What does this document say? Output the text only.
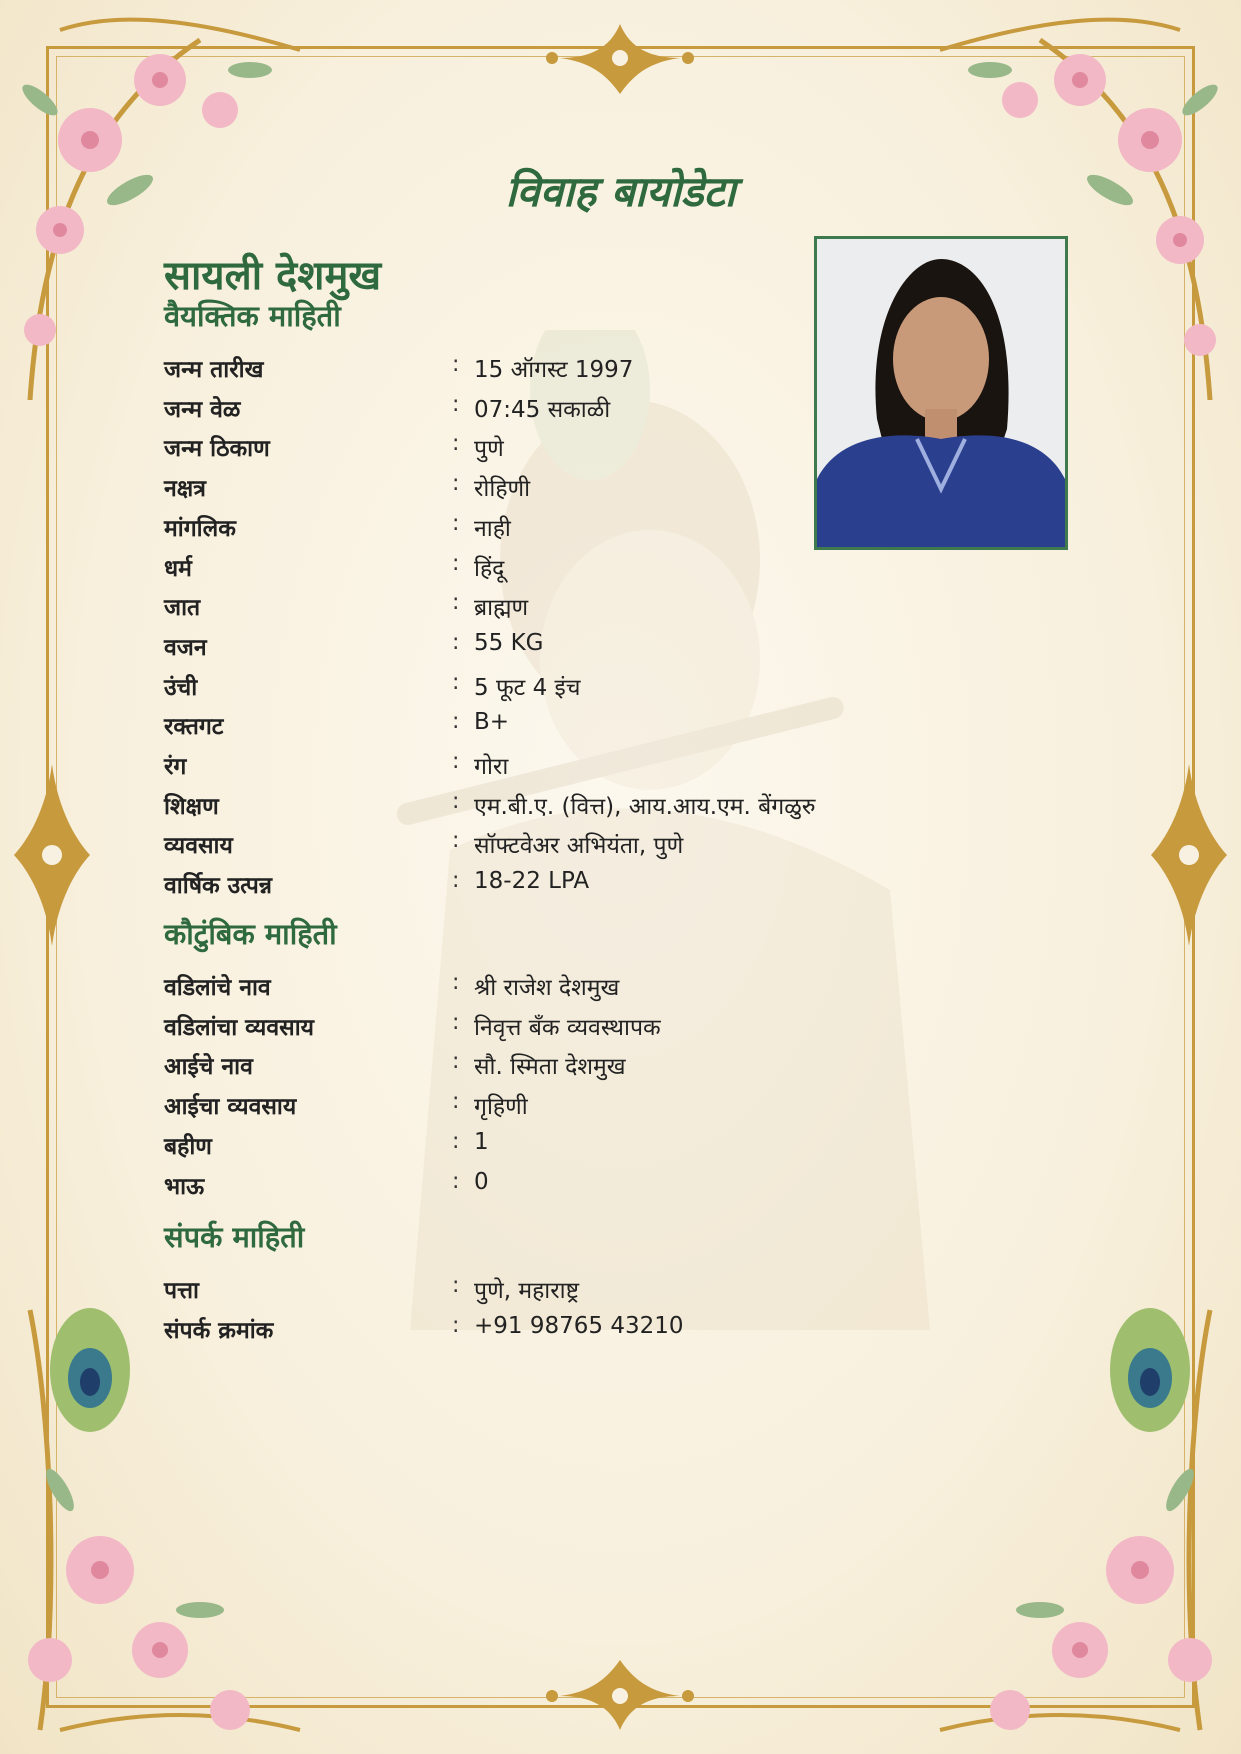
विवाह बायोडेटा
सायली देशमुख
वैयक्तिक माहिती
जन्म तारीख	: 15 ऑगस्ट 1997
जन्म वेळ	: 07:45 सकाळी
जन्म ठिकाण	: पुणे
नक्षत्र	: रोहिणी
मांगलिक	: नाही
धर्म	: हिंदू
जात	: ब्राह्मण
वजन	: 55 KG
उंची	: 5 फूट 4 इंच
रक्तगट	: B+
रंग	: गोरा
शिक्षण	: एम.बी.ए. (वित्त), आय.आय.एम. बेंगळुरु
व्यवसाय	: सॉफ्टवेअर अभियंता, पुणे
वार्षिक उत्पन्न	: 18-22 LPA
कौटुंबिक माहिती
वडिलांचे नाव	: श्री राजेश देशमुख
वडिलांचा व्यवसाय	: निवृत्त बँक व्यवस्थापक
आईचे नाव	: सौ. स्मिता देशमुख
आईचा व्यवसाय	: गृहिणी
बहीण	: 1
भाऊ	: 0
संपर्क माहिती
पत्ता	: पुणे, महाराष्ट्र
संपर्क क्रमांक	: +91 98765 43210
